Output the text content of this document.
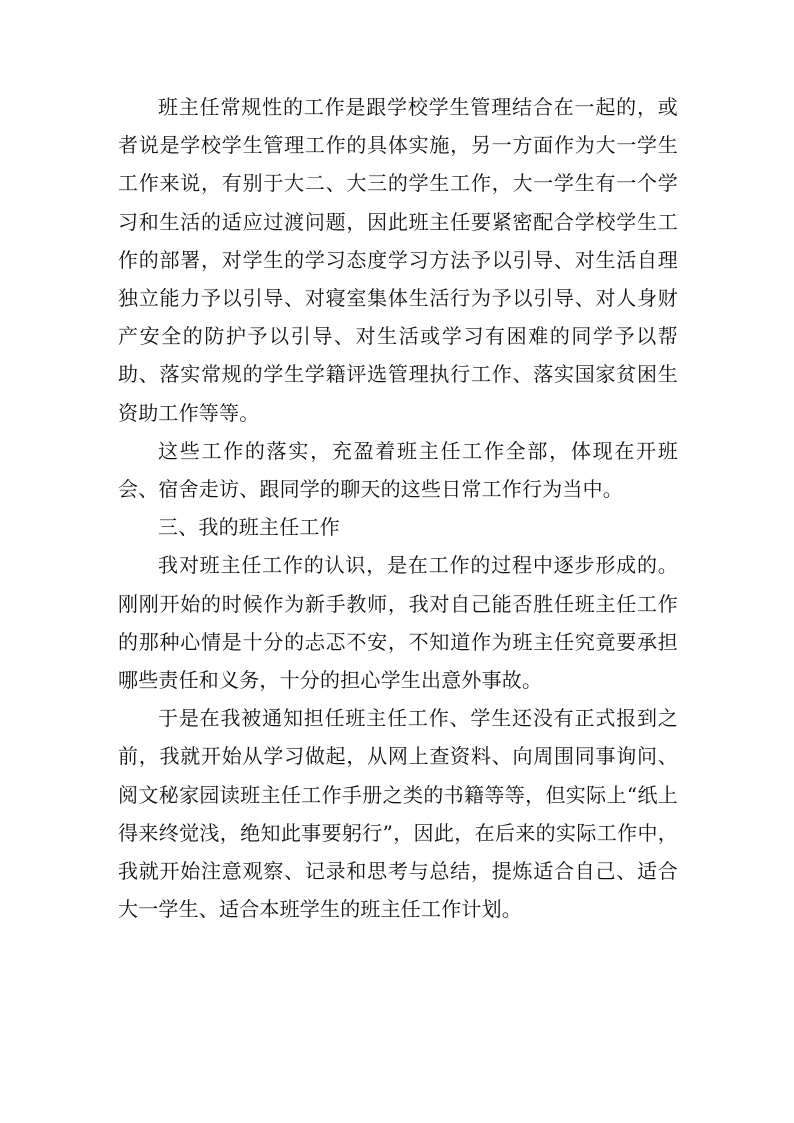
班主任常规性的工作是跟学校学生管理结合在一起的，或者说是学校学生管理工作的具体实施，另一方面作为大一学生工作来说，有别于大二、大三的学生工作，大一学生有一个学习和生活的适应过渡问题，因此班主任要紧密配合学校学生工作的部署，对学生的学习态度学习方法予以引导、对生活自理独立能力予以引导、对寝室集体生活行为予以引导、对人身财产安全的防护予以引导、对生活或学习有困难的同学予以帮助、落实常规的学生学籍评选管理执行工作、落实国家贫困生资助工作等等。

这些工作的落实，充盈着班主任工作全部，体现在开班会、宿舍走访、跟同学的聊天的这些日常工作行为当中。

三、我的班主任工作

我对班主任工作的认识，是在工作的过程中逐步形成的。刚刚开始的时候作为新手教师，我对自己能否胜任班主任工作的那种心情是十分的忐忑不安，不知道作为班主任究竟要承担哪些责任和义务，十分的担心学生出意外事故。

于是在我被通知担任班主任工作、学生还没有正式报到之前，我就开始从学习做起，从网上查资料、向周围同事询问、阅文秘家园读班主任工作手册之类的书籍等等，但实际上“纸上得来终觉浅，绝知此事要躬行”，因此，在后来的实际工作中，我就开始注意观察、记录和思考与总结，提炼适合自己、适合大一学生、适合本班学生的班主任工作计划。
